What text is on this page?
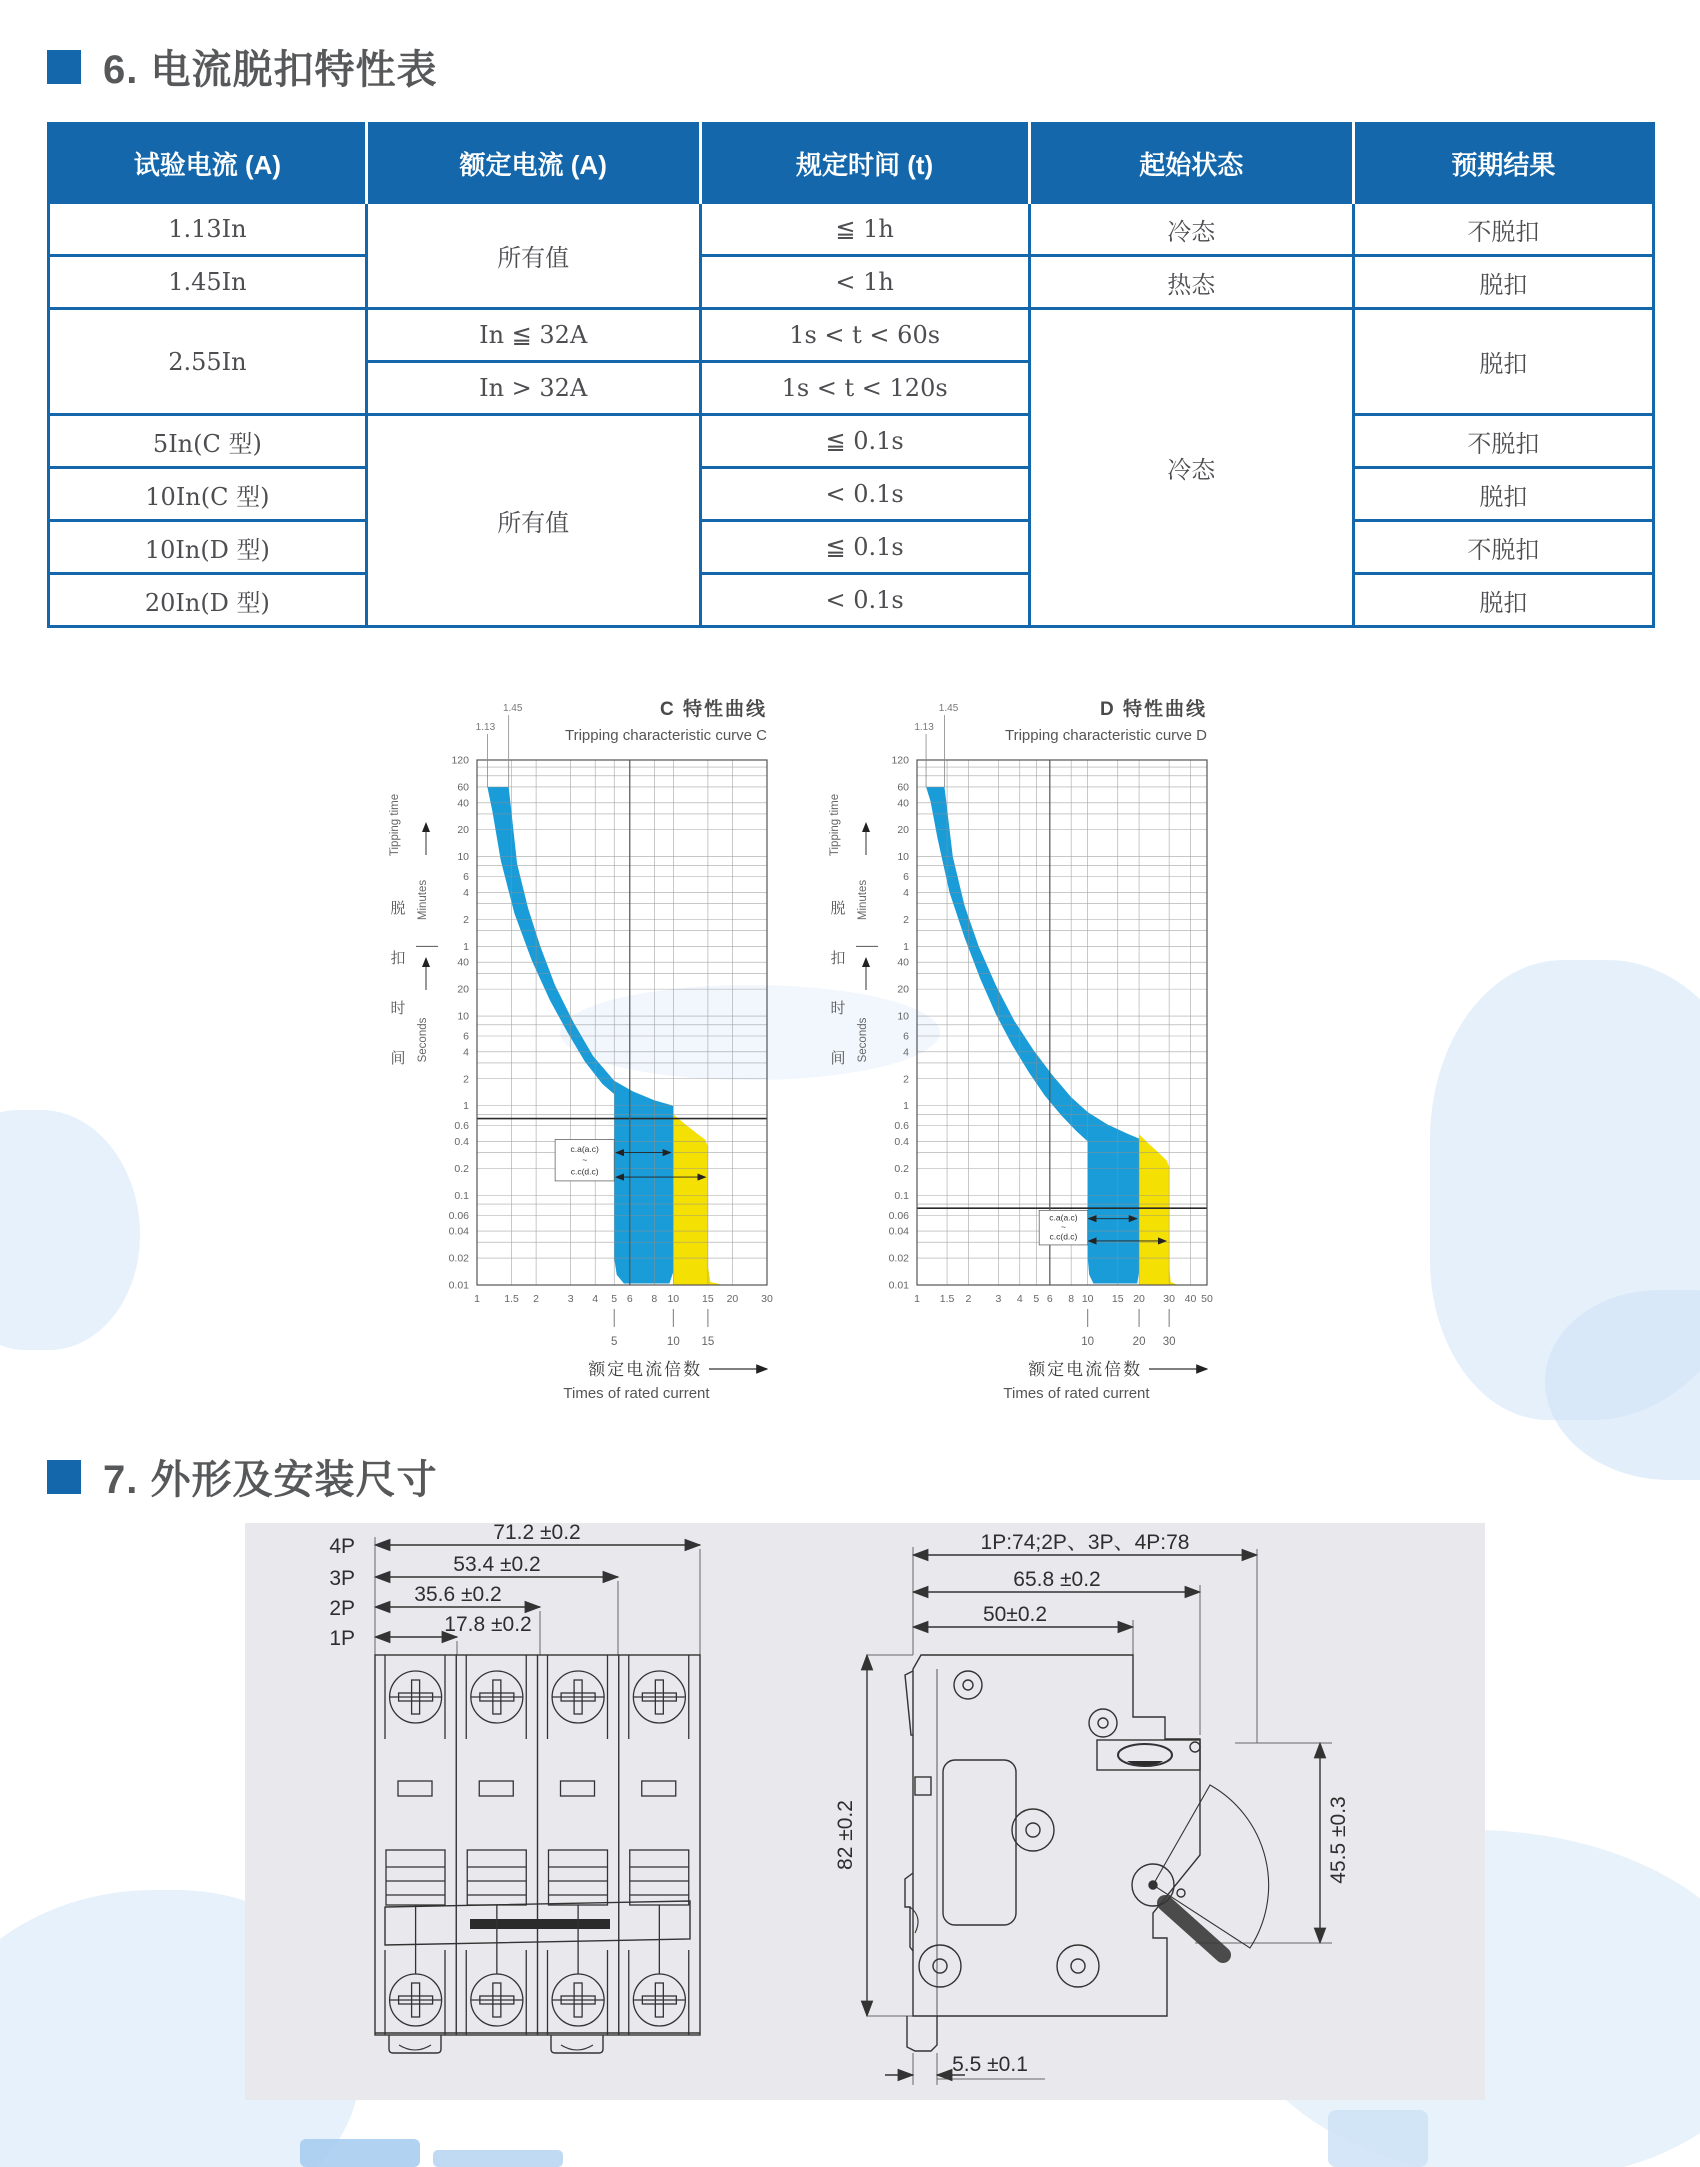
6. 电流脱扣特性表
试验电流 (A)	额定电流 (A)	规定时间 (t)	起始状态	预期结果
1.13In	所有值	≦ 1h	冷态	不脱扣
1.45In		< 1h	热态	脱扣
2.55In	In ≦ 32A	1s < t < 60s	冷态	脱扣
	In > 32A	1s < t < 120s		
5In(C 型)	所有值	≦ 0.1s		不脱扣
10In(C 型)		< 0.1s		脱扣
10In(D 型)		≦ 0.1s		不脱扣
20In(D 型)		< 0.1s		脱扣
120
60
40
20
10
6
4
2
1
40
20
10
6
4
2
1
0.6
0.4
0.2
0.1
0.06
0.04
0.02
0.01
1 1.5 2	3 4 5 6 8 10 15 20 30
5	10 15
1.45
1.13
C 特性曲线
Tripping characteristic curve C
额定电流倍数
Times of rated current
Tipping time
脱
扣
时
间
Minutes
Seconds
c.a(a.c)
~
c.c(d.c)
120
60
40
20
10
6
4
2
1
40
20
10
6
4
2
1
0.6
0.4
0.2
0.1
0.06
0.04
0.02
0.01
1 1.5 2 3 4 5 6 8 10 15 20 30 40 50
10	20 30
1.45
1.13
D 特性曲线
Tripping characteristic curve D
额定电流倍数
Times of rated current
Tipping time
脱
扣
时
间
Minutes
Seconds
c.a(a.c)
~
c.c(d.c)
7. 外形及安装尺寸
4P
3P
2P
1P
71.2 ±0.2
53.4 ±0.2
35.6 ±0.2
17.8 ±0.2
1P:74;2P、3P、4P:78
65.8 ±0.2
50±0.2
82 ±0.2	45.5 ±0.3
5.5 ±0.1
